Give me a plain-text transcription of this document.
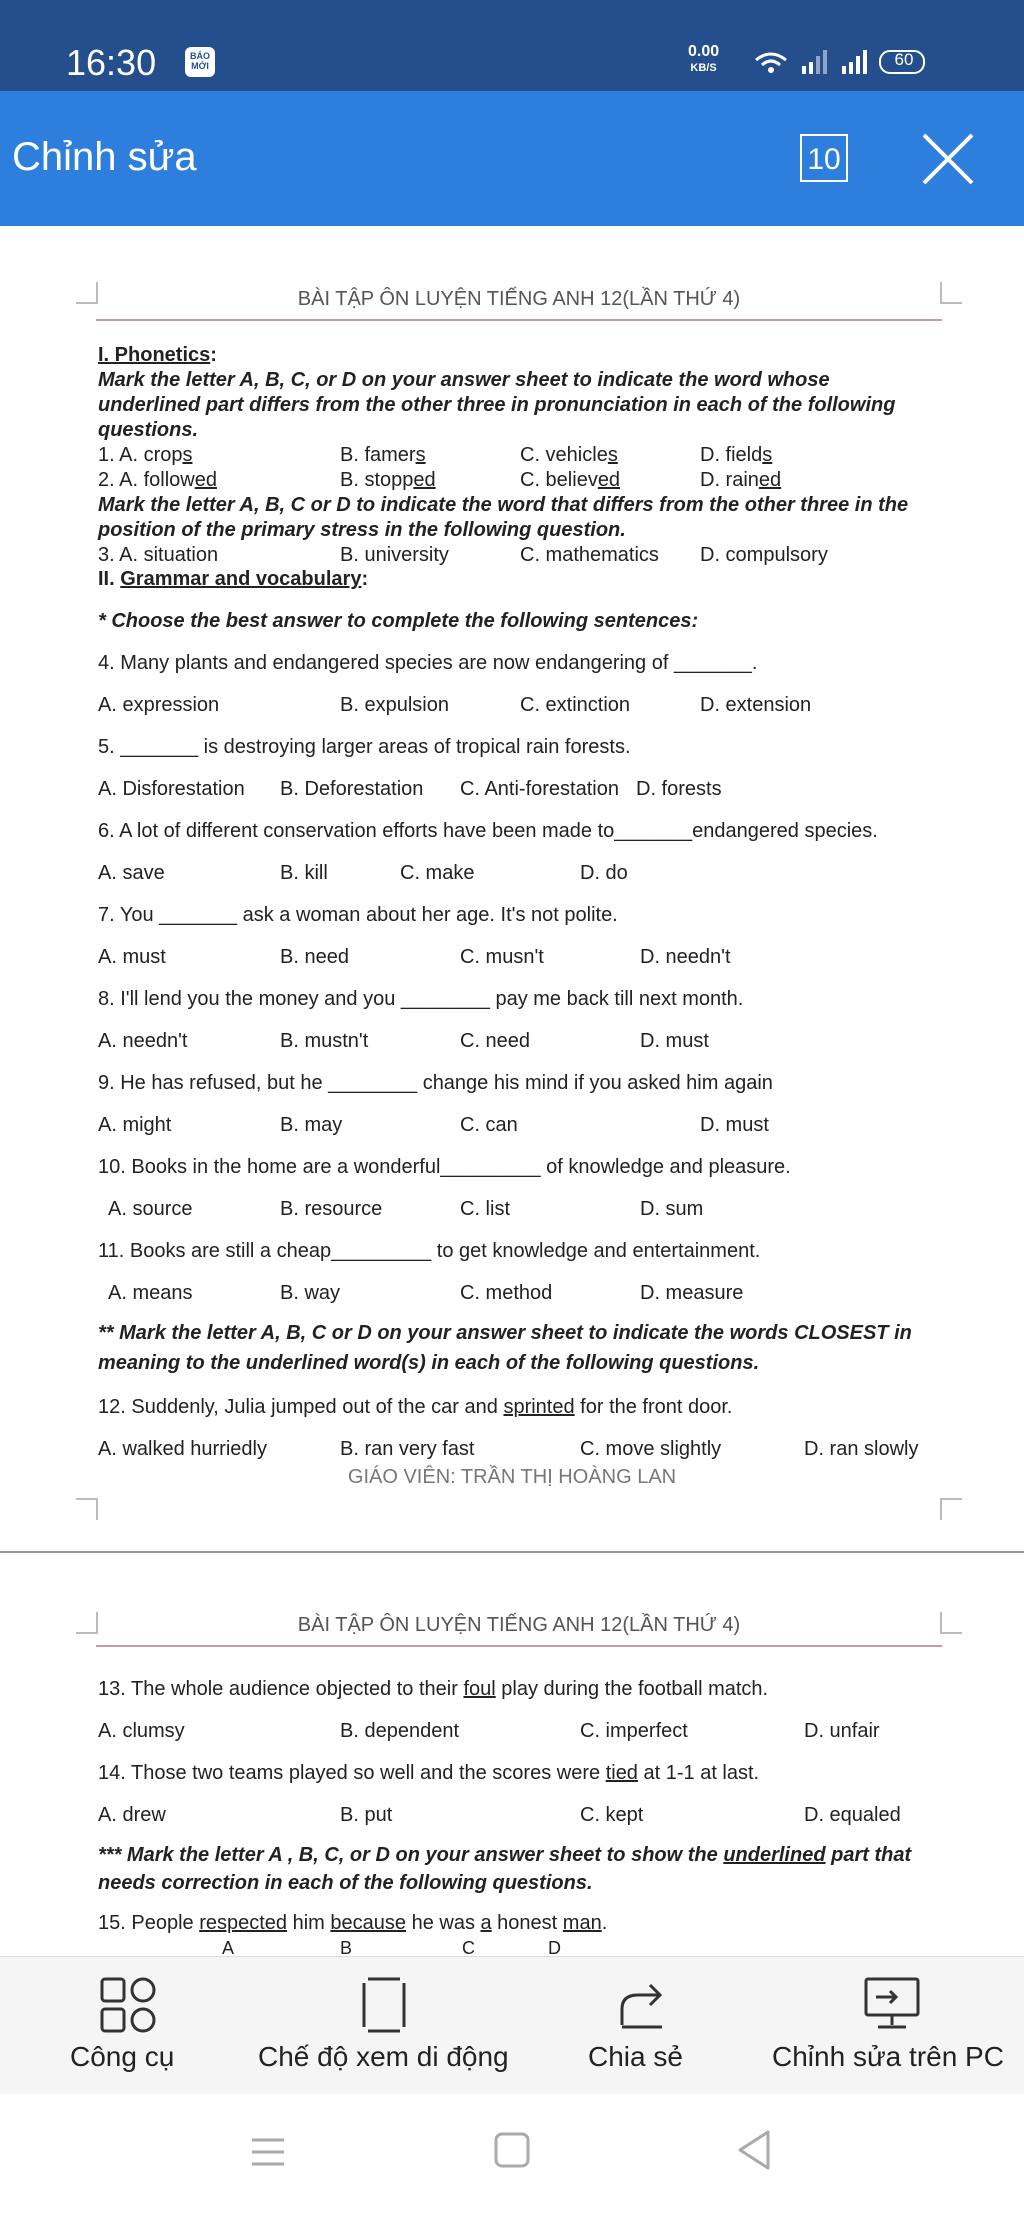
16:30	BÁO MỚI
0.00
KB/S	60
Chỉnh sửa	10
BÀI TẬP ÔN LUYỆN TIẾNG ANH 12(LẦN THỨ 4)
I. Phonetics:
Mark the letter A, B, C, or D on your answer sheet to indicate the word whose
underlined part differs from the other three in pronunciation in each of the following
questions.
1. A. crops	B. famers	C. vehicles	D. fields
2. A. followed	B. stopped	C. believed	D. rained
Mark the letter A, B, C or D to indicate the word that differs from the other three in the
position of the primary stress in the following question.
3. A. situation	B. university	C. mathematics D. compulsory
II. Grammar and vocabulary:
* Choose the best answer to complete the following sentences:
4. Many plants and endangered species are now endangering of _______.
A. expression	B. expulsion	C. extinction	D. extension
5. _______ is destroying larger areas of tropical rain forests.
A. Disforestation B. Deforestation C. Anti-forestation D. forests
6. A lot of different conservation efforts have been made to_______endangered species.
A. save	B. kill	C. make	D. do
7. You _______ ask a woman about her age. It's not polite.
A. must	B. need	C. musn't	D. needn't
8. I'll lend you the money and you ________ pay me back till next month.
A. needn't	B. mustn't	C. need	D. must
9. He has refused, but he ________ change his mind if you asked him again
A. might	B. may	C. can	D. must
10. Books in the home are a wonderful_________ of knowledge and pleasure.
A. source	B. resource	C. list	D. sum
11. Books are still a cheap_________ to get knowledge and entertainment.
A. means	B. way	C. method	D. measure
** Mark the letter A, B, C or D on your answer sheet to indicate the words CLOSEST in
meaning to the underlined word(s) in each of the following questions.
12. Suddenly, Julia jumped out of the car and sprinted for the front door.
A. walked hurriedly	B. ran very fast	C. move slightly	D. ran slowly
GIÁO VIÊN: TRẦN THỊ HOÀNG LAN
BÀI TẬP ÔN LUYỆN TIẾNG ANH 12(LẦN THỨ 4)
13. The whole audience objected to their foul play during the football match.
A. clumsy	B. dependent	C. imperfect	D. unfair
14. Those two teams played so well and the scores were tied at 1-1 at last.
A. drew	B. put	C. kept	D. equaled
*** Mark the letter A , B, C, or D on your answer sheet to show the underlined part that
needs correction in each of the following questions.
15. People respected him because he was a honest man.
A	B	C	D
Công cụ	Chế độ xem di động	Chia sẻ	Chỉnh sửa trên PC
